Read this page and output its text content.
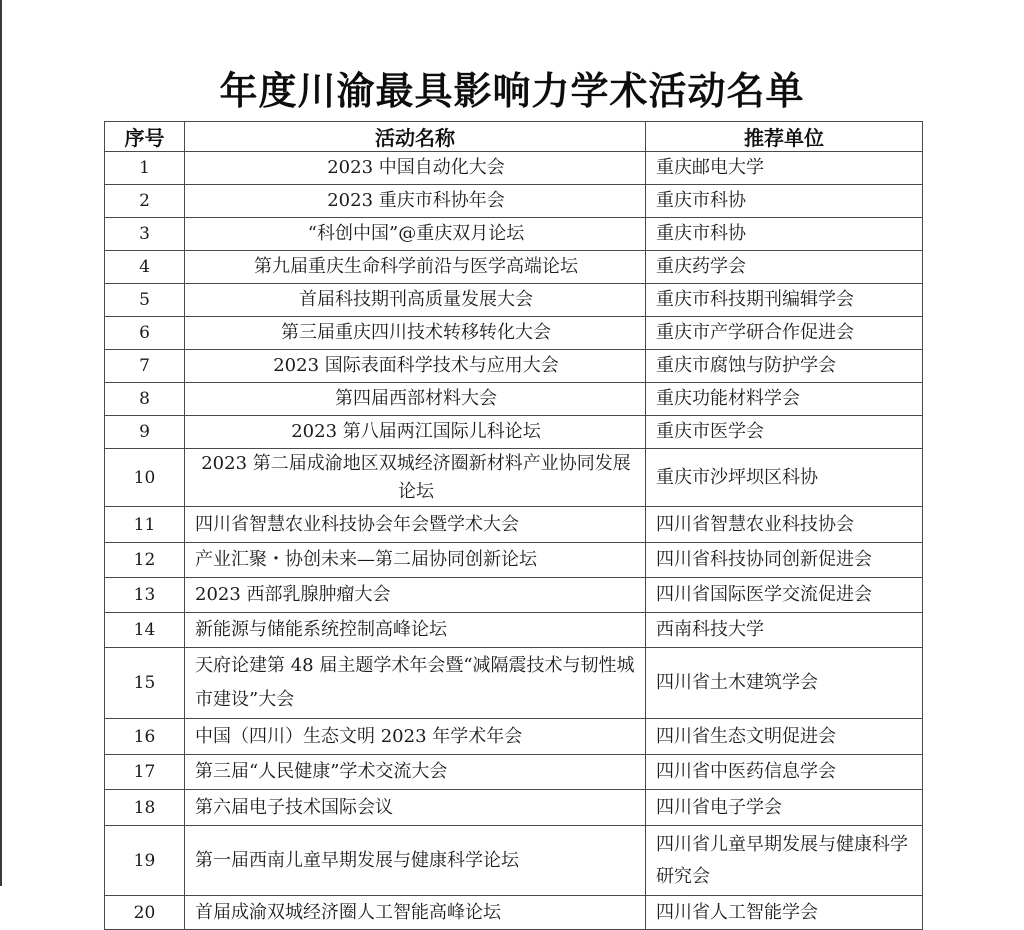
年度川渝最具影响力学术活动名单
序号	活动名称	推荐单位
1	2023 中国自动化大会	重庆邮电大学
2	2023 重庆市科协年会	重庆市科协
3	“科创中国”@重庆双月论坛	重庆市科协
4	第九届重庆生命科学前沿与医学高端论坛	重庆药学会
5	首届科技期刊高质量发展大会	重庆市科技期刊编辑学会
6	第三届重庆四川技术转移转化大会	重庆市产学研合作促进会
7	2023 国际表面科学技术与应用大会	重庆市腐蚀与防护学会
8	第四届西部材料大会	重庆功能材料学会
9	2023 第八届两江国际儿科论坛	重庆市医学会
10	2023 第二届成渝地区双城经济圈新材料产业协同发展论坛	重庆市沙坪坝区科协
11	四川省智慧农业科技协会年会暨学术大会	四川省智慧农业科技协会
12	产业汇聚・协创未来—第二届协同创新论坛	四川省科技协同创新促进会
13	2023 西部乳腺肿瘤大会	四川省国际医学交流促进会
14	新能源与储能系统控制高峰论坛	西南科技大学
15	天府论建第 48 届主题学术年会暨“减隔震技术与韧性城市建设”大会	四川省土木建筑学会
16	中国（四川）生态文明 2023 年学术年会	四川省生态文明促进会
17	第三届“人民健康”学术交流大会	四川省中医药信息学会
18	第六届电子技术国际会议	四川省电子学会
19	第一届西南儿童早期发展与健康科学论坛	四川省儿童早期发展与健康科学研究会
20	首届成渝双城经济圈人工智能高峰论坛	四川省人工智能学会
